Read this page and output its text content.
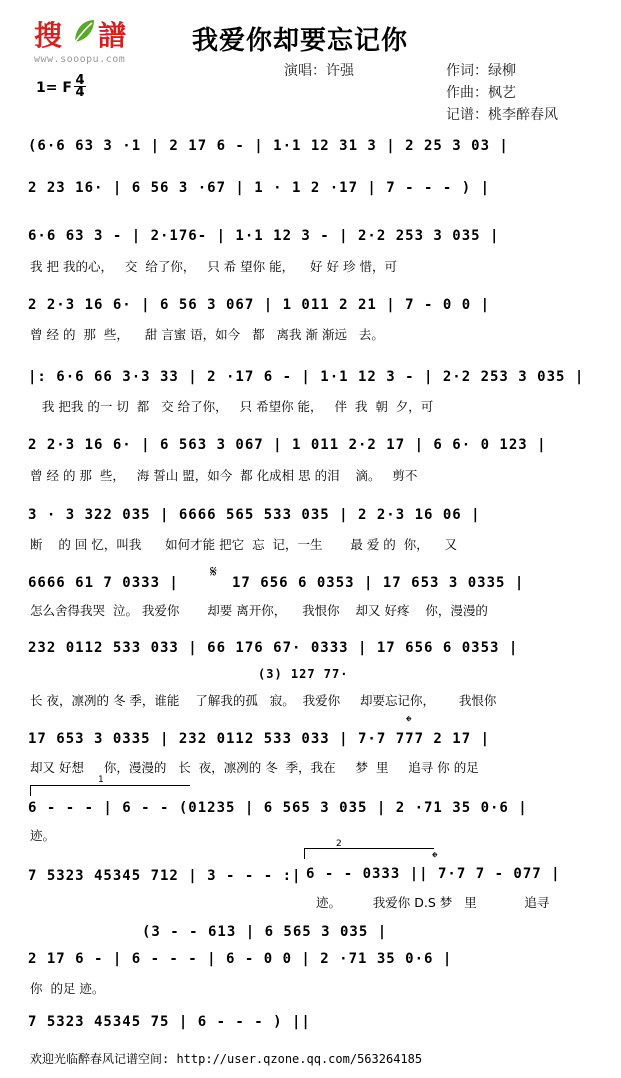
搜 譜
www.sooopu.com
我爱你却要忘记你
演唱：许强	作词：绿柳
作曲：枫艺
记谱：桃李醉春风
1= F 4
4
(6·6 63 3 ·1 | 2 17 6 - | 1·1 12 31 3 | 2 25 3 03 |
2 23 16· | 6 56 3 ·67 | 1 · 1 2 ·17 | 7 - - - ) |
6·6 63 3 - | 2·176- | 1·1 12 3 - | 2·2 253 3 035 |
我 把 我的心，   交  给了你，   只 希 望你 能，    好 好 珍 惜，可
2 2·3 16 6· | 6 56 3 067 | 1 011 2 21 | 7 - 0 0 |
曾 经 的  那  些，    甜 言蜜 语，如今   都   离我 渐 渐远   去。
|: 6·6 66 3·3 33 | 2 ·17 6 - | 1·1 12 3 - | 2·2 253 3 035 |
我 把我 的一 切  都   交 给了你，   只 希望你 能，   伴  我  朝  夕，可
2 2·3 16 6· | 6 563 3 067 | 1 011 2·2 17 | 6 6· 0 123 |
曾 经 的 那  些，   海 誓山 盟，如今  都 化成相 思 的泪    滴。   剪不
3 · 3 322 035 | 6666 565 533 035 | 2 2·3 16 06 |
断    的 回 忆，叫我      如何才能 把它  忘  记，一生       最 爱 的  你，    又
6666 61 7 0333 |
𝄋
17 656 6 0353 | 17 653 3 0335 |
怎么舍得我哭  泣。 我爱你       却要 离开你，    我恨你    却又 好疼    你，漫漫的
232 0112 533 033 | 66 176 67· 0333 | 17 656 6 0353 |
(3) 127 77·
长 夜，凛冽的 冬 季，谁能    了解我的孤   寂。  我爱你     却要忘记你，      我恨你
𝄌
17 653 3 0335 | 232 0112 533 033 | 7·7 777 2 17 |
却又 好想     你，漫漫的   长  夜，凛冽的 冬  季，我在     梦  里     追寻 你 的足
1
6 - - - | 6 - - (01235 | 6 565 3 035 | 2 ·71 35 0·6 |
迹。
2
𝄌
7 5323 45345 712 | 3 - - - :| 6 - - 0333 || 7·7 7 - 077 |
迹。        我爱你 D.S 梦   里            追寻
(3 - - 613 | 6 565 3 035 |
2 17 6 - | 6 - - - | 6 - 0 0 | 2 ·71 35 0·6 |
你  的足 迹。
7 5323 45345 75 | 6 - - - ) ||
欢迎光临醉春风记谱空间: http://user.qzone.qq.com/563264185
